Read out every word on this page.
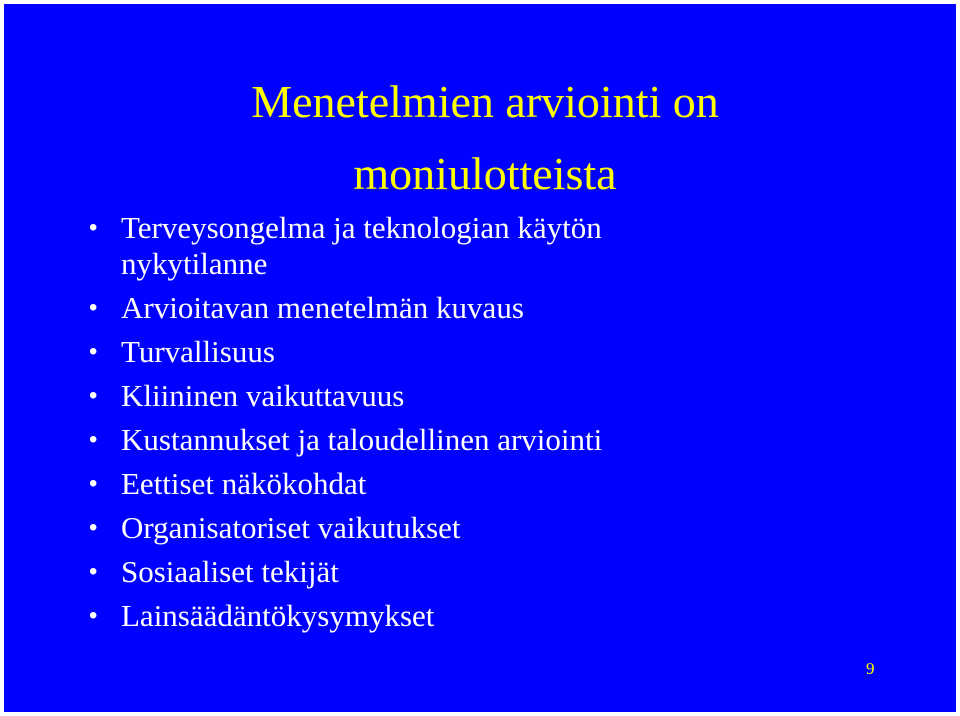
Menetelmien arviointi on
moniulotteista
• Terveysongelma ja teknologian käytön
nykytilanne
• Arvioitavan menetelmän kuvaus
• Turvallisuus
• Kliininen vaikuttavuus
• Kustannukset ja taloudellinen arviointi
• Eettiset näkökohdat
• Organisatoriset vaikutukset
• Sosiaaliset tekijät
• Lainsäädäntökysymykset
9
